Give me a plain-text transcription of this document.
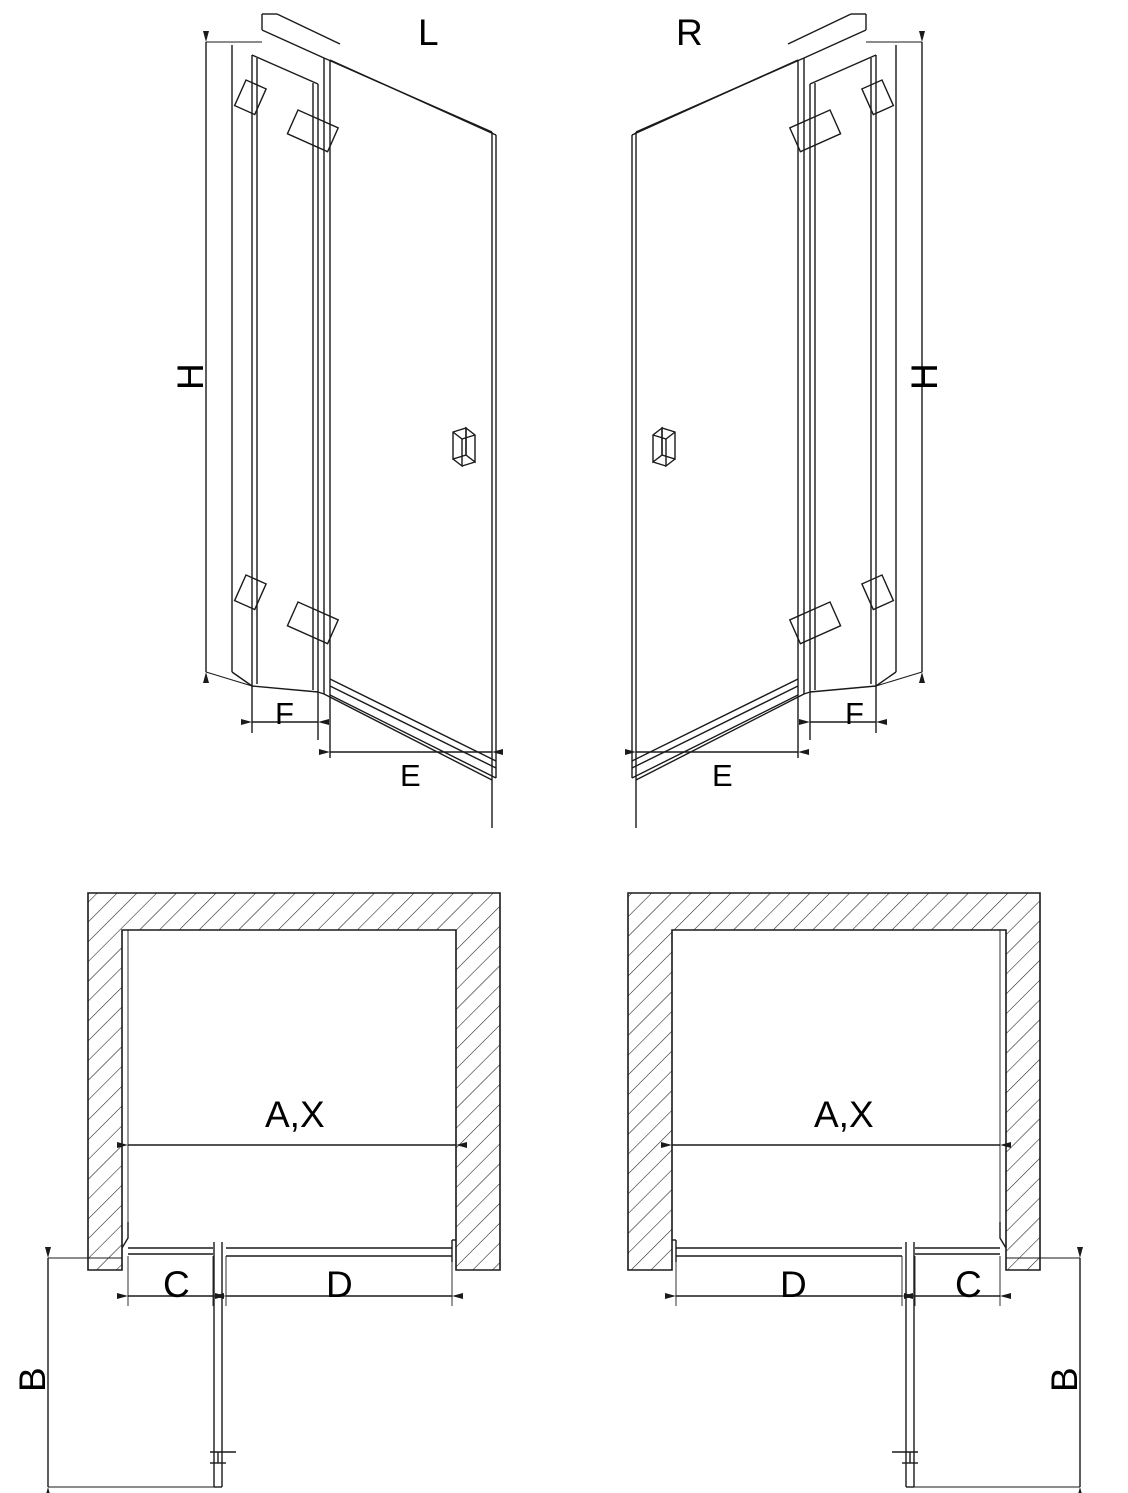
L	R
H	H
F
E
F
E
A,X	A,X
C	D	D	C
B	B
